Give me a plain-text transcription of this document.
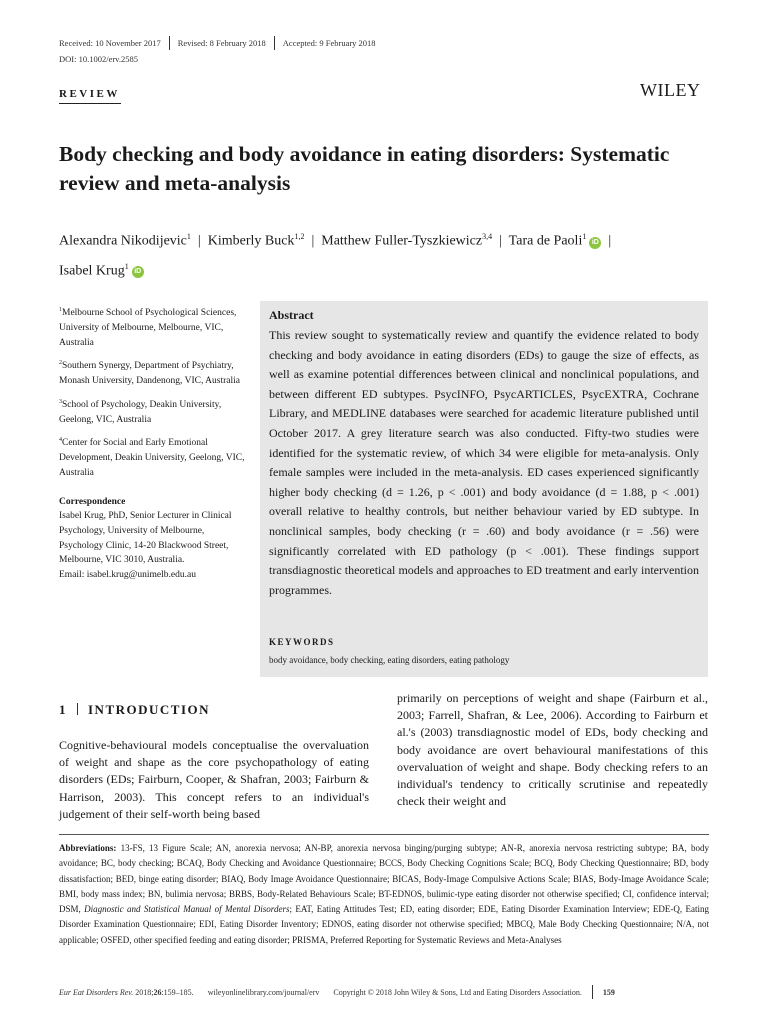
Received: 10 November 2017	Revised: 8 February 2018	Accepted: 9 February 2018
DOI: 10.1002/erv.2585
REVIEW	WILEY
Body checking and body avoidance in eating disorders: Systematic review and meta-analysis
Alexandra Nikodijevic$^1$  |  Kimberly Buck$^{1,2}$  |  Matthew Fuller-Tyszkiewicz$^{3,4}$  |  Tara de Paoli$^1$iD  |
Isabel Krug$^1$iD
$^1$Melbourne School of Psychological Sciences, University of Melbourne, Melbourne, VIC, Australia
$^2$Southern Synergy, Department of Psychiatry, Monash University, Dandenong, VIC, Australia
$^3$School of Psychology, Deakin University, Geelong, VIC, Australia
$^4$Center for Social and Early Emotional Development, Deakin University, Geelong, VIC, Australia
Correspondence
Isabel Krug, PhD, Senior Lecturer in Clinical Psychology, University of Melbourne, Psychology Clinic, 14-20 Blackwood Street, Melbourne, VIC 3010, Australia.
Email: isabel.krug@unimelb.edu.au
Abstract

This review sought to systematically review and quantify the evidence related to body checking and body avoidance in eating disorders (EDs) to gauge the size of effects, as well as examine potential differences between clinical and nonclinical populations, and between different ED subtypes. PsycINFO, PsycARTICLES, PsycEXTRA, Cochrane Library, and MEDLINE databases were searched for academic literature published until October 2017. A grey literature search was also conducted. Fifty-two studies were identified for the systematic review, of which 34 were eligible for meta-analysis. Only female samples were included in the meta-analysis. ED cases experienced significantly higher body checking (d = 1.26, p < .001) and body avoidance (d = 1.88, p < .001) overall relative to healthy controls, but neither behaviour varied by ED subtype. In nonclinical samples, body checking (r = .60) and body avoidance (r = .56) were significantly correlated with ED pathology (p < .001). These findings support transdiagnostic theoretical models and approaches to ED treatment and early intervention programmes.

KEYWORDS
body avoidance, body checking, eating disorders, eating pathology
1 INTRODUCTION

Cognitive-behavioural models conceptualise the overvaluation of weight and shape as the core psychopathology of eating disorders (EDs; Fairburn, Cooper, & Shafran, 2003; Fairburn & Harrison, 2003). This concept refers to an individual's judgement of their self-worth being based

primarily on perceptions of weight and shape (Fairburn et al., 2003; Farrell, Shafran, & Lee, 2006). According to Fairburn et al.'s (2003) transdiagnostic model of EDs, body checking and body avoidance are overt behavioural manifestations of this overvaluation of weight and shape. Body checking refers to an individual's tendency to critically scrutinise and repeatedly check their weight and

Abbreviations: 13-FS, 13 Figure Scale; AN, anorexia nervosa; AN-BP, anorexia nervosa binging/purging subtype; AN-R, anorexia nervosa restricting subtype; BA, body avoidance; BC, body checking; BCAQ, Body Checking and Avoidance Questionnaire; BCCS, Body Checking Cognitions Scale; BCQ, Body Checking Questionnaire; BD, body dissatisfaction; BED, binge eating disorder; BIAQ, Body Image Avoidance Questionnaire; BICAS, Body-Image Compulsive Actions Scale; BIAS, Body-Image Avoidance Scale; BMI, body mass index; BN, bulimia nervosa; BRBS, Body-Related Behaviours Scale; BT-EDNOS, bulimic-type eating disorder not otherwise specified; CI, confidence interval; DSM, Diagnostic and Statistical Manual of Mental Disorders; EAT, Eating Attitudes Test; ED, eating disorder; EDE, Eating Disorder Examination Interview; EDE-Q, Eating Disorder Examination Questionnaire; EDI, Eating Disorder Inventory; EDNOS, eating disorder not otherwise specified; MBCQ, Male Body Checking Questionnaire; N/A, not applicable; OSFED, other specified feeding and eating disorder; PRISMA, Preferred Reporting for Systematic Reviews and Meta-Analyses

Eur Eat Disorders Rev. 2018;26:159–185. wileyonlinelibrary.com/journal/erv Copyright © 2018 John Wiley & Sons, Ltd and Eating Disorders Association.	159
